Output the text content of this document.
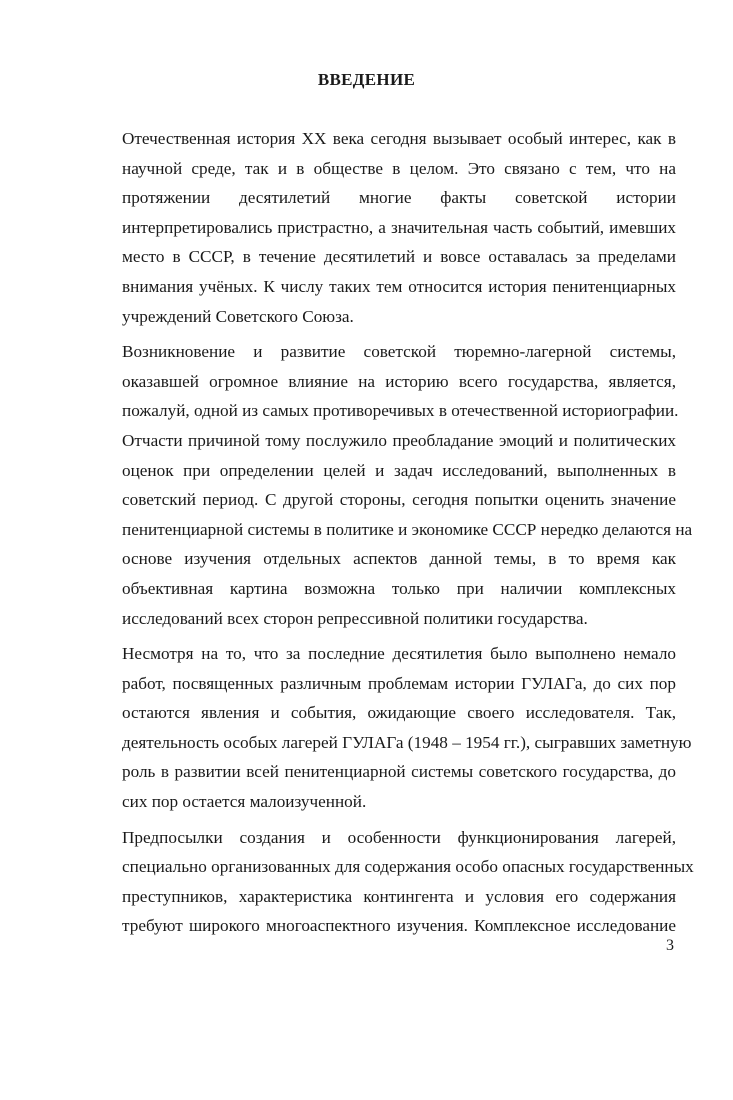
ВВЕДЕНИЕ

Отечественная история XX века сегодня вызывает особый интерес, как в
научной среде, так и в обществе в целом. Это связано с тем, что на
протяжении десятилетий многие факты советской истории
интерпретировались пристрастно, а значительная часть событий, имевших
место в СССР, в течение десятилетий и вовсе оставалась за пределами
внимания учёных. К числу таких тем относится история пенитенциарных
учреждений Советского Союза.

Возникновение и развитие советской тюремно-лагерной системы,
оказавшей огромное влияние на историю всего государства, является,
пожалуй, одной из самых противоречивых в отечественной историографии.
Отчасти причиной тому послужило преобладание эмоций и политических
оценок при определении целей и задач исследований, выполненных в
советский период. С другой стороны, сегодня попытки оценить значение
пенитенциарной системы в политике и экономике СССР нередко делаются на
основе изучения отдельных аспектов данной темы, в то время как
объективная картина возможна только при наличии комплексных
исследований всех сторон репрессивной политики государства.

Несмотря на то, что за последние десятилетия было выполнено немало
работ, посвященных различным проблемам истории ГУЛАГа, до сих пор
остаются явления и события, ожидающие своего исследователя. Так,
деятельность особых лагерей ГУЛАГа (1948 – 1954 гг.), сыгравших заметную
роль в развитии всей пенитенциарной системы советского государства, до
сих пор остается малоизученной.

Предпосылки создания и особенности функционирования лагерей,
специально организованных для содержания особо опасных государственных
преступников, характеристика контингента и условия его содержания
требуют широкого многоаспектного изучения. Комплексное исследование

3
